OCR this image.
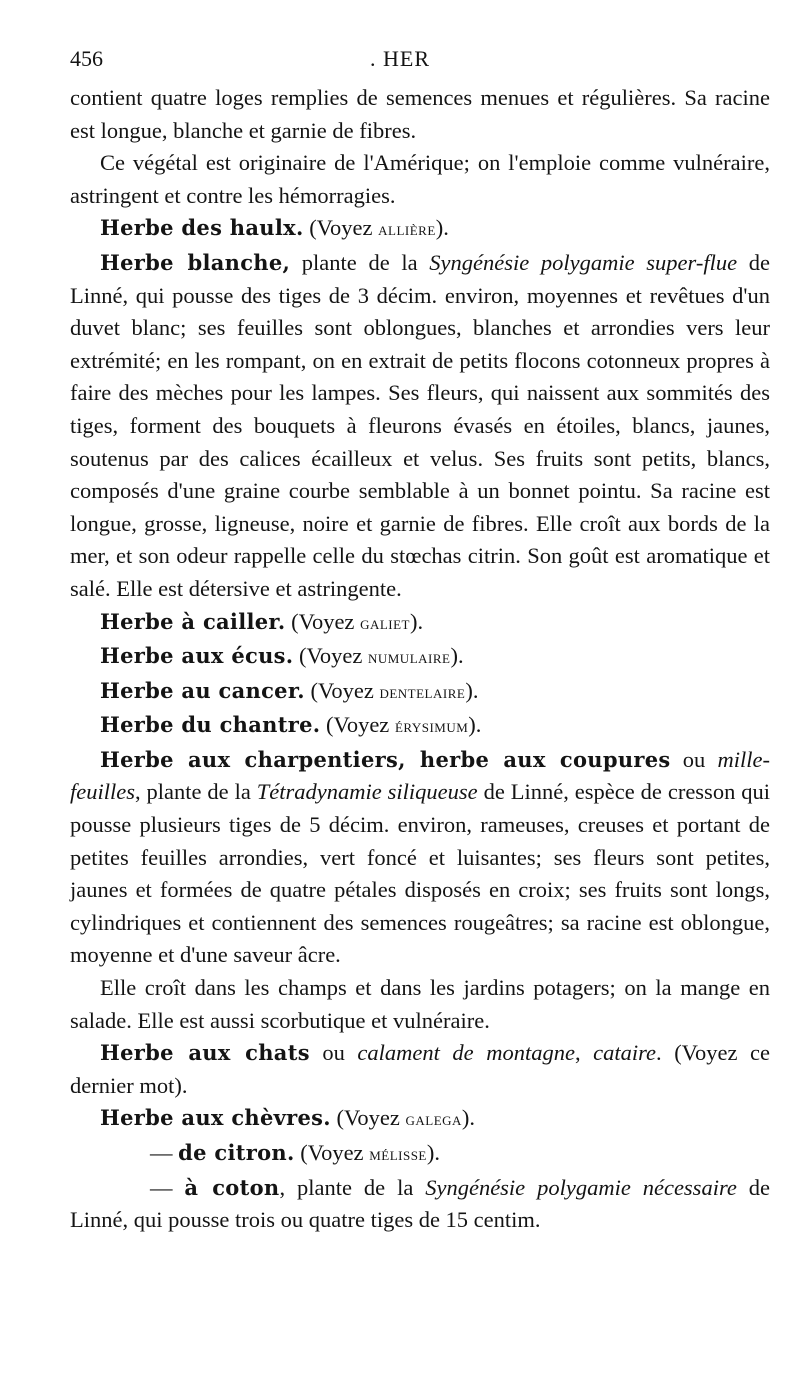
456	. HER

contient quatre loges remplies de semences menues et régulières. Sa racine est longue, blanche et garnie de fibres.

Ce végétal est originaire de l'Amérique; on l'emploie comme vulnéraire, astringent et contre les hémorragies.

Herbe des haulx. (Voyez allière).

Herbe blanche, plante de la Syngénésie polygamie super-flue de Linné, qui pousse des tiges de 3 décim. environ, moyennes et revêtues d'un duvet blanc; ses feuilles sont oblongues, blanches et arrondies vers leur extrémité; en les rompant, on en extrait de petits flocons cotonneux propres à faire des mèches pour les lampes. Ses fleurs, qui naissent aux sommités des tiges, forment des bouquets à fleurons évasés en étoiles, blancs, jaunes, soutenus par des calices écailleux et velus. Ses fruits sont petits, blancs, composés d'une graine courbe semblable à un bonnet pointu. Sa racine est longue, grosse, ligneuse, noire et garnie de fibres. Elle croît aux bords de la mer, et son odeur rappelle celle du stœchas citrin. Son goût est aromatique et salé. Elle est détersive et astringente.

Herbe à cailler. (Voyez galiet).

Herbe aux écus. (Voyez numulaire).

Herbe au cancer. (Voyez dentelaire).

Herbe du chantre. (Voyez érysimum).

Herbe aux charpentiers, herbe aux coupures ou mille-feuilles, plante de la Tétradynamie siliqueuse de Linné, espèce de cresson qui pousse plusieurs tiges de 5 décim. environ, rameuses, creuses et portant de petites feuilles arrondies, vert foncé et luisantes; ses fleurs sont petites, jaunes et formées de quatre pétales disposés en croix; ses fruits sont longs, cylindriques et contiennent des semences rougeâtres; sa racine est oblongue, moyenne et d'une saveur âcre.

Elle croît dans les champs et dans les jardins potagers; on la mange en salade. Elle est aussi scorbutique et vulnéraire.

Herbe aux chats ou calament de montagne, cataire. (Voyez ce dernier mot).

Herbe aux chèvres. (Voyez galega).

— de citron. (Voyez mélisse).

— à coton, plante de la Syngénésie polygamie nécessaire de Linné, qui pousse trois ou quatre tiges de 15 centim.
